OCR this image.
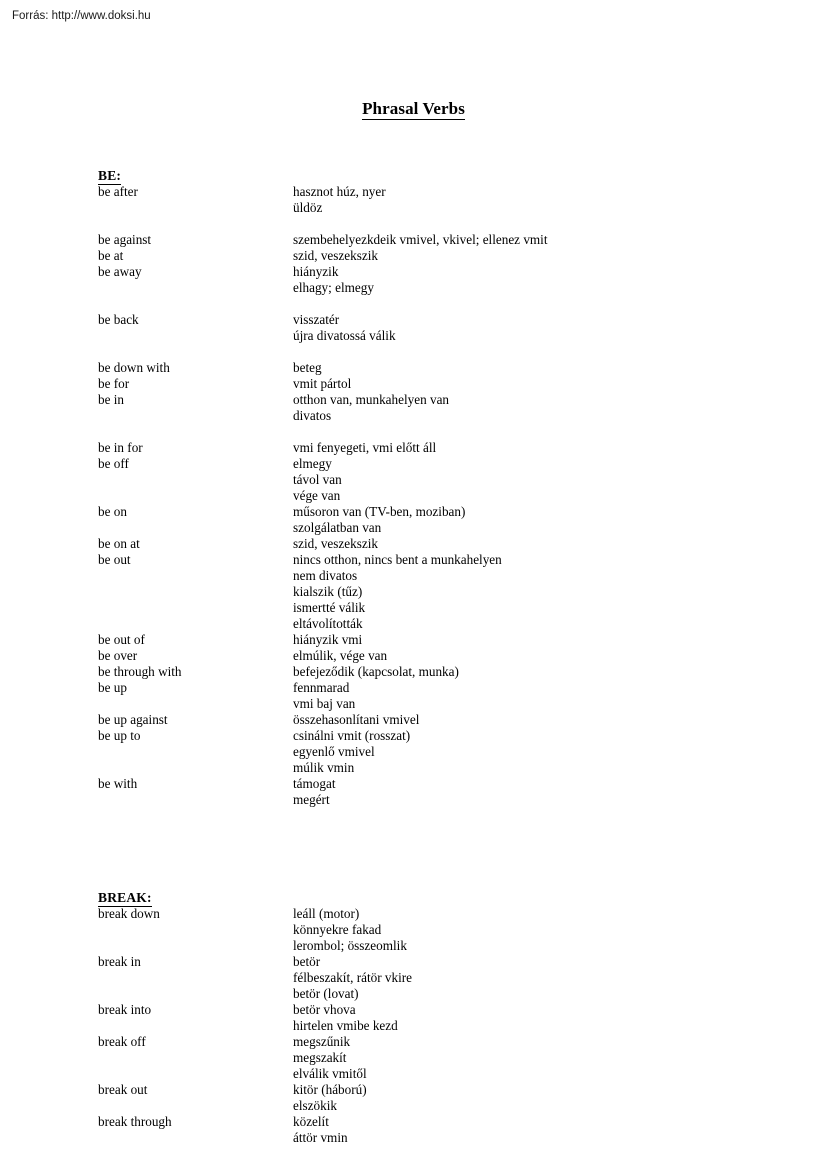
Forrás: http://www.doksi.hu
Phrasal Verbs
BE:
be after	hasznot húz, nyer
üldöz
be against	szembehelyezkdeik vmivel, vkivel; ellenez vmit
be at	szid, veszekszik
be away	hiányzik
elhagy; elmegy
be back	visszatér
újra divatossá válik
be down with	beteg
be for	vmit pártol
be in	otthon van, munkahelyen van
divatos
be in for	vmi fenyegeti, vmi előtt áll
be off	elmegy
távol van
vége van
be on	műsoron van (TV-ben, moziban)
szolgálatban van
be on at	szid, veszekszik
be out	nincs otthon, nincs bent a munkahelyen
nem divatos
kialszik (tűz)
ismertté válik
eltávolították
be out of	hiányzik vmi
be over	elmúlik, vége van
be through with	befejeződik (kapcsolat, munka)
be up	fennmarad
vmi baj van
be up against	összehasonlítani vmivel
be up to	csinálni vmit (rosszat)
egyenlő vmivel
múlik vmin
be with	támogat
megért
BREAK:
break down	leáll (motor)
könnyekre fakad
lerombol; összeomlik
break in	betör
félbeszakít, rátör vkire
betör (lovat)
break into	betör vhova
hirtelen vmibe kezd
break off	megszűnik
megszakít
elválik vmitől
break out	kitör (háború)
elszökik
break through	közelít
áttör vmin
